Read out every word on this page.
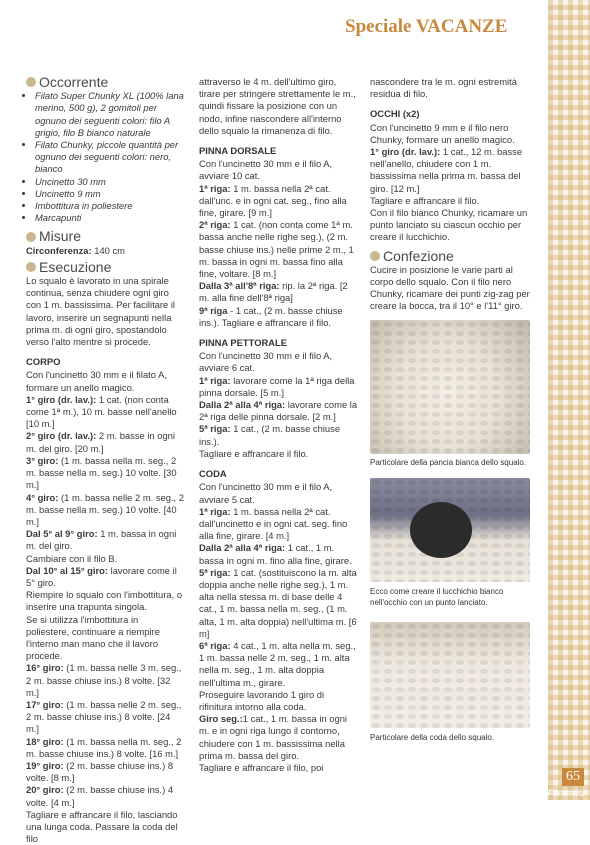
Speciale VACANZE
Occorrente
• Filato Super Chunky XL (100% lana merino, 500 g), 2 gomitoli per ognuno dei seguenti colori: filo A grigio, filo B bianco naturale
• Filato Chunky, piccole quantità per ognuno dei seguenti colori: nero, bianco
• Uncinetto 30 mm
• Uncinetto 9 mm
• Imbottitura in poliestere
• Marcapunti
Misure

Circonferenza: 140 cm

Esecuzione

Lo squalo è lavorato in una spirale continua, senza chiudere ogni giro con 1 m. bassissima. Per facilitare il lavoro, inserire un segnapunti nella prima m. di ogni giro, spostandolo verso l'alto mentre si procede.

CORPO

Con l'uncinetto 30 mm e il filato A, formare un anello magico.

1° giro (dr. lav.): 1 cat. (non conta come 1ª m.), 10 m. basse nell'anello [10 m.]

2° giro (dr. lav.): 2 m. basse in ogni m. del giro. [20 m.]

3° giro: (1 m. bassa nella m. seg., 2 m. basse nella m. seg.) 10 volte. [30 m.]

4° giro: (1 m. bassa nelle 2 m. seg., 2 m. basse nella m. seg.) 10 volte. [40 m.]

Dal 5° al 9° giro: 1 m. bassa in ogni m. del giro.

Cambiare con il filo B.

Dal 10° al 15° giro: lavorare come il 5° giro.

Riempire lo squalo con l'imbottitura, o inserire una trapunta singola.

Se si utilizza l'imbottitura in poliestere, continuare a riempire l'interno man mano che il lavoro procede.

16° giro: (1 m. bassa nelle 3 m. seg., 2 m. basse chiuse ins.) 8 volte. [32 m.]

17° giro: (1 m. bassa nelle 2 m. seg., 2 m. basse chiuse ins.) 8 volte. [24 m.]

18° giro: (1 m. bassa nella m. seg., 2 m. basse chiuse ins.) 8 volte. [16 m.]

19° giro: (2 m. basse chiuse ins.) 8 volte. [8 m.]

20° giro: (2 m. basse chiuse ins.) 4 volte. [4 m.]

Tagliare e affrancare il filo, lasciando una lunga coda. Passare la coda del filo

attraverso le 4 m. dell'ultimo giro, tirare per stringere strettamente le m., quindi fissare la posizione con un nodo, infine nascondere all'interno dello squalo la rimanenza di filo.

PINNA DORSALE

Con l'uncinetto 30 mm e il filo A, avviare 10 cat.

1ª riga: 1 m. bassa nella 2ª cat. dall'unc. e in ogni cat. seg., fino alla fine, girare. [9 m.]

2ª riga: 1 cat. (non conta come 1ª m. bassa anche nelle righe seg.), (2 m. basse chiuse ins.) nelle prime 2 m., 1 m. bassa in ogni m. bassa fino alla fine, voltare. [8 m.]

Dalla 3ª all'8ª riga: rip. la 2ª riga. [2 m. alla fine dell'8ª riga]

9ª riga - 1 cat., (2 m. basse chiuse ins.). Tagliare e affrancare il filo.

PINNA PETTORALE

Con l'uncinetto 30 mm e il filo A, avviare 6 cat.

1ª riga: lavorare come la 1ª riga della pinna dorsale. [5 m.]

Dalla 2ª alla 4ª riga: lavorare come la 2ª riga delle pinna dorsale. [2 m.]

5ª riga: 1 cat., (2 m. basse chiuse ins.).

Tagliare e affrancare il filo.

CODA

Con l'uncinetto 30 mm e il filo A, avviare 5 cat.

1ª riga: 1 m. bassa nella 2ª cat. dall'uncinetto e in ogni cat. seg. fino alla fine, girare. [4 m.]

Dalla 2ª alla 4ª riga: 1 cat., 1 m. bassa in ogni m. fino alla fine, girare.

5ª riga: 1 cat. (sostituiscono la m. alta doppia anche nelle righe seg.), 1 m. alta nella stessa m. di base delle 4 cat., 1 m. bassa nella m. seg., (1 m. alta, 1 m. alta doppia) nell'ultima m. [6 m]

6ª riga: 4 cat., 1 m. alta nella m. seg., 1 m. bassa nelle 2 m. seg., 1 m. alta nella m. seg., 1 m. alta doppia nell'ultima m., girare.

Proseguire lavorando 1 giro di rifinitura intorno alla coda.

Giro seg.:1 cat., 1 m. bassa in ogni m. e in ogni riga lungo il contorno, chiudere con 1 m. bassissima nella prima m. bassa del giro.

Tagliare e affrancare il filo, poi

nascondere tra le m. ogni estremità residua di filo.

OCCHI (x2)

Con l'uncinetto 9 mm e il filo nero Chunky, formare un anello magico.

1° giro (dr. lav.): 1 cat., 12 m. basse nell'anello, chiudere con 1 m. bassissima nella prima m. bassa del giro. [12 m.]

Tagliare e affrancare il filo.

Con il filo bianco Chunky, ricamare un punto lanciato su ciascun occhio per creare il lucchichio.

Confezione

Cucire in posizione le varie parti al corpo dello squalo. Con il filo nero Chunky, ricamare dei punti zig-zag per creare la bocca, tra il 10° e l'11° giro.

Particolare della pancia bianca dello squalo.
Ecco come creare il lucchichio bianco nell'occhio con un punto lanciato.
Particolare della coda dello squalo.
65
PassionForum.ru
